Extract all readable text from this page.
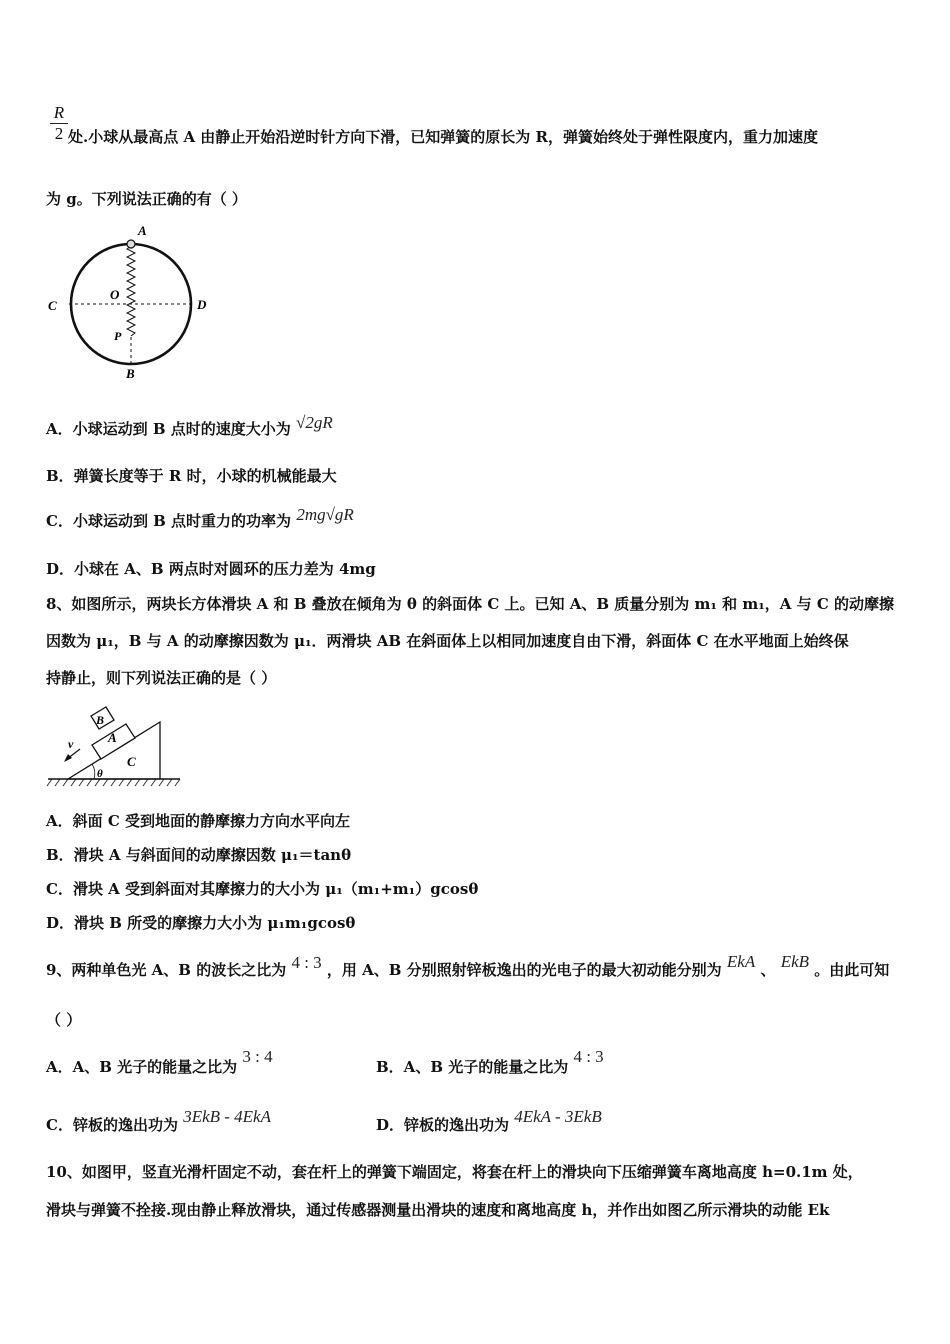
R
2 处.小球从最高点 A 由静止开始沿逆时针方向下滑，已知弹簧的原长为 R，弹簧始终处于弹性限度内，重力加速度
为 g。下列说法正确的有（ ）
A
O
C	D
P
B
A．小球运动到 B 点时的速度大小为 √2gR
B．弹簧长度等于 R 时，小球的机械能最大
C．小球运动到 B 点时重力的功率为 2mg√gR
D．小球在 A、B 两点时对圆环的压力差为 4mg
8、如图所示，两块长方体滑块 A 和 B 叠放在倾角为 θ 的斜面体 C 上。已知 A、B 质量分别为 m₁ 和 m₁，A 与 C 的动摩擦
因数为 μ₁，B 与 A 的动摩擦因数为 μ₁．两滑块 AB 在斜面体上以相同加速度自由下滑，斜面体 C 在水平地面上始终保
持静止，则下列说法正确的是（ ）
v
B
A
C
θ
A．斜面 C 受到地面的静摩擦力方向水平向左
B．滑块 A 与斜面间的动摩擦因数 μ₁＝tanθ
C．滑块 A 受到斜面对其摩擦力的大小为 μ₁（m₁+m₁）gcosθ
D．滑块 B 所受的摩擦力大小为 μ₁m₁gcosθ
9、两种单色光 A、B 的波长之比为 4 : 3 ，用 A、B 分别照射锌板逸出的光电子的最大初动能分别为 EkA 、 EkB 。由此可知
（ ）
A．A、B 光子的能量之比为 3 : 4
B．A、B 光子的能量之比为 4 : 3
C．锌板的逸出功为 3EkB - 4EkA	D．锌板的逸出功为 4EkA - 3EkB
10、如图甲，竖直光滑杆固定不动，套在杆上的弹簧下端固定，将套在杆上的滑块向下压缩弹簧车离地高度 h=0.1m 处，
滑块与弹簧不拴接.现由静止释放滑块，通过传感器测量出滑块的速度和离地高度 h，并作出如图乙所示滑块的动能 Ek
